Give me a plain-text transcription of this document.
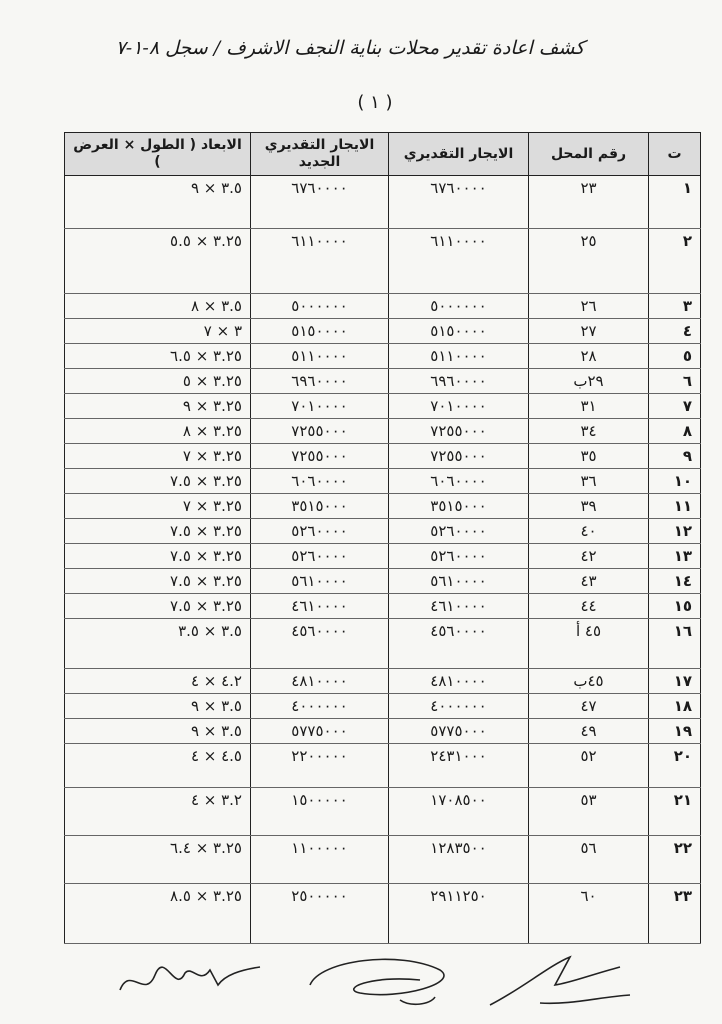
كشف اعادة تقدير محلات بناية النجف الاشرف / سجل ٨-١-٧
( ١ )
ت	رقم المحل	الايجار التقديري	الايجار التقديري الجديد	الابعاد ( الطول × العرض )
١	٢٣	٦٧٦٠٠٠٠	٦٧٦٠٠٠٠	٣.٥ × ٩
٢	٢٥	٦١١٠٠٠٠	٦١١٠٠٠٠	٣.٢٥ × ٥.٥
٣	٢٦	٥٠٠٠٠٠٠	٥٠٠٠٠٠٠	٣.٥ × ٨
٤	٢٧	٥١٥٠٠٠٠	٥١٥٠٠٠٠	٣ × ٧
٥	٢٨	٥١١٠٠٠٠	٥١١٠٠٠٠	٣.٢٥ × ٦.٥
٦	٢٩ب	٦٩٦٠٠٠٠	٦٩٦٠٠٠٠	٣.٢٥ × ٥
٧	٣١	٧٠١٠٠٠٠	٧٠١٠٠٠٠	٣.٢٥ × ٩
٨	٣٤	٧٢٥٥٠٠٠	٧٢٥٥٠٠٠	٣.٢٥ × ٨
٩	٣٥	٧٢٥٥٠٠٠	٧٢٥٥٠٠٠	٣.٢٥ × ٧
١٠	٣٦	٦٠٦٠٠٠٠	٦٠٦٠٠٠٠	٣.٢٥ × ٧.٥
١١	٣٩	٣٥١٥٠٠٠	٣٥١٥٠٠٠	٣.٢٥ × ٧
١٢	٤٠	٥٢٦٠٠٠٠	٥٢٦٠٠٠٠	٣.٢٥ × ٧.٥
١٣	٤٢	٥٢٦٠٠٠٠	٥٢٦٠٠٠٠	٣.٢٥ × ٧.٥
١٤	٤٣	٥٦١٠٠٠٠	٥٦١٠٠٠٠	٣.٢٥ × ٧.٥
١٥	٤٤	٤٦١٠٠٠٠	٤٦١٠٠٠٠	٣.٢٥ × ٧.٥
١٦	٤٥ أ	٤٥٦٠٠٠٠	٤٥٦٠٠٠٠	٣.٥ × ٣.٥
١٧	٤٥ب	٤٨١٠٠٠٠	٤٨١٠٠٠٠	٤.٢ × ٤
١٨	٤٧	٤٠٠٠٠٠٠	٤٠٠٠٠٠٠	٣.٥ × ٩
١٩	٤٩	٥٧٧٥٠٠٠	٥٧٧٥٠٠٠	٣.٥ × ٩
٢٠	٥٢	٢٤٣١٠٠٠	٢٢٠٠٠٠٠	٤.٥ × ٤
٢١	٥٣	١٧٠٨٥٠٠	١٥٠٠٠٠٠	٣.٢ × ٤
٢٢	٥٦	١٢٨٣٥٠٠	١١٠٠٠٠٠	٣.٢٥ × ٦.٤
٢٣	٦٠	٢٩١١٢٥٠	٢٥٠٠٠٠٠	٣.٢٥ × ٨.٥
